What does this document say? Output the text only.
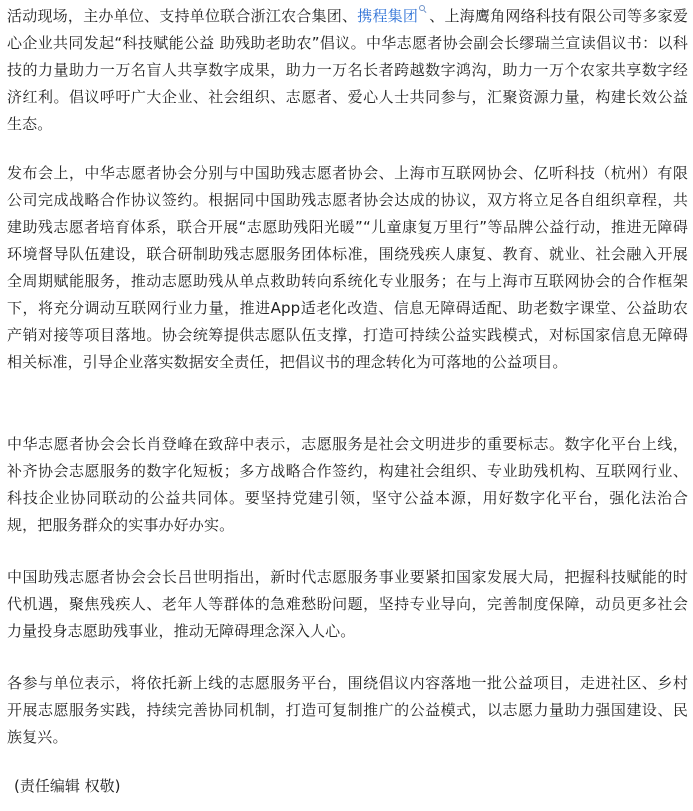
活动现场，主办单位、支持单位联合浙江农合集团、携程集团 、上海鹰角网络科技有限公司等多家爱心企业共同发起“科技赋能公益 助残助老助农”倡议。中华志愿者协会副会长缪瑞兰宣读倡议书：以科技的力量助力一万名盲人共享数字成果，助力一万名长者跨越数字鸿沟，助力一万个农家共享数字经济红利。倡议呼吁广大企业、社会组织、志愿者、爱心人士共同参与，汇聚资源力量，构建长效公益生态。

发布会上，中华志愿者协会分别与中国助残志愿者协会、上海市互联网协会、亿听科技（杭州）有限公司完成战略合作协议签约。根据同中国助残志愿者协会达成的协议，双方将立足各自组织章程，共建助残志愿者培育体系，联合开展“志愿助残阳光暖”“儿童康复万里行”等品牌公益行动，推进无障碍环境督导队伍建设，联合研制助残志愿服务团体标准，围绕残疾人康复、教育、就业、社会融入开展全周期赋能服务，推动志愿助残从单点救助转向系统化专业服务；在与上海市互联网协会的合作框架下，将充分调动互联网行业力量，推进App适老化改造、信息无障碍适配、助老数字课堂、公益助农产销对接等项目落地。协会统筹提供志愿队伍支撑，打造可持续公益实践模式，对标国家信息无障碍相关标准，引导企业落实数据安全责任，把倡议书的理念转化为可落地的公益项目。

中华志愿者协会会长肖登峰在致辞中表示，志愿服务是社会文明进步的重要标志。数字化平台上线，补齐协会志愿服务的数字化短板；多方战略合作签约，构建社会组织、专业助残机构、互联网行业、科技企业协同联动的公益共同体。要坚持党建引领，坚守公益本源，用好数字化平台，强化法治合规，把服务群众的实事办好办实。

中国助残志愿者协会会长吕世明指出，新时代志愿服务事业要紧扣国家发展大局，把握科技赋能的时代机遇，聚焦残疾人、老年人等群体的急难愁盼问题，坚持专业导向，完善制度保障，动员更多社会力量投身志愿助残事业，推动无障碍理念深入人心。

各参与单位表示，将依托新上线的志愿服务平台，围绕倡议内容落地一批公益项目，走进社区、乡村开展志愿服务实践，持续完善协同机制，打造可复制推广的公益模式，以志愿力量助力强国建设、民族复兴。

(责任编辑 权敬)
